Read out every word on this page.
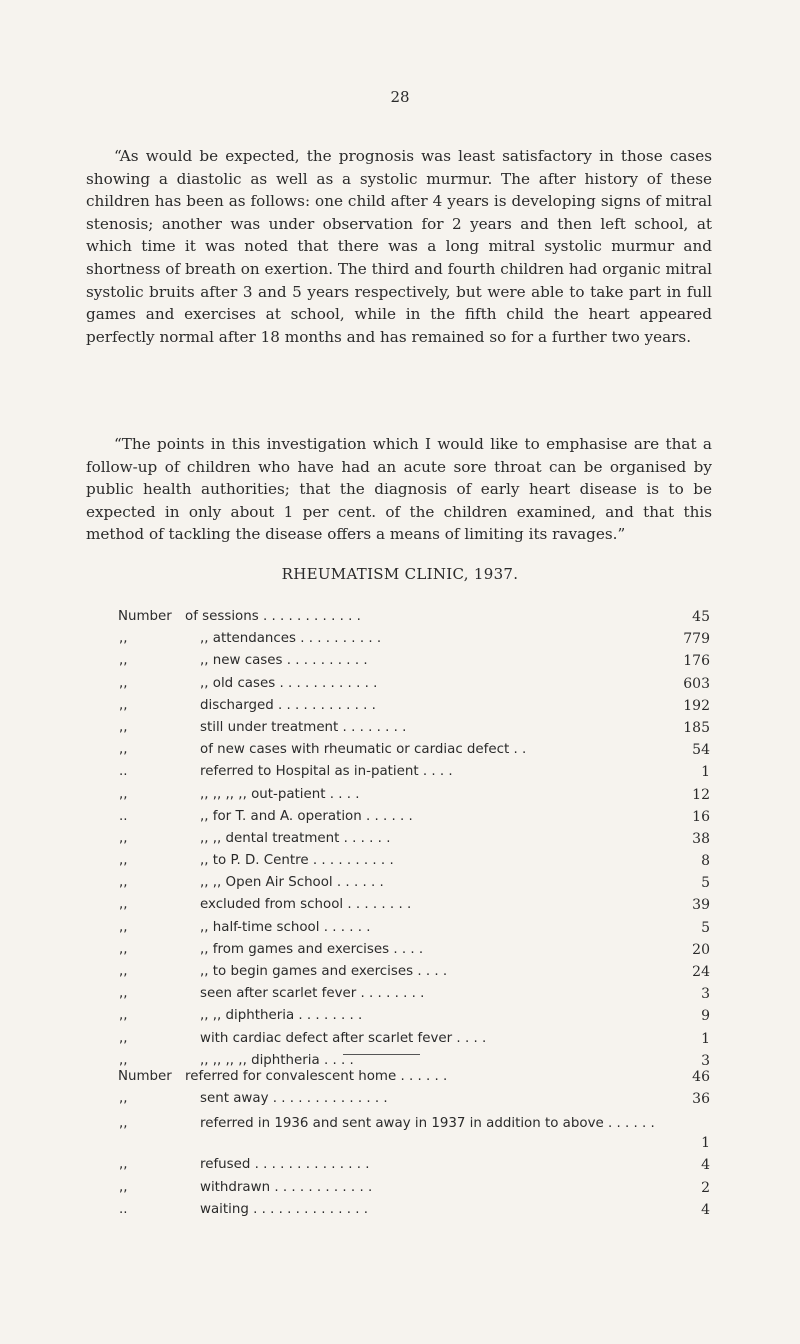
28

“As would be expected, the prognosis was least satisfactory in those cases showing a diastolic as well as a systolic murmur. The after history of these children has been as follows: one child after 4 years is developing signs of mitral stenosis; another was under observation for 2 years and then left school, at which time it was noted that there was a long mitral systolic murmur and shortness of breath on exertion. The third and fourth children had organic mitral systolic bruits after 3 and 5 years respectively, but were able to take part in full games and exercises at school, while in the fifth child the heart appeared perfectly normal after 18 months and has remained so for a further two years.

“The points in this investigation which I would like to emphasise are that a follow-up of children who have had an acute sore throat can be organised by public health authorities; that the diagnosis of early heart disease is to be expected in only about 1 per cent. of the children examined, and that this method of tackling the disease offers a means of limiting its ravages.”

RHEUMATISM CLINIC, 1937.
Number of sessions . . . . . . . . . . . .	45
,,	,, attendances . . . . . . . . . .	779
,,	,, new cases . . . . . . . . . .	176
,,	,, old cases . . . . . . . . . . . .	603
,,	discharged . . . . . . . . . . . .	192
,,	still under treatment . . . . . . . .	185
,,	of new cases with rheumatic or cardiac defect . .	54
..	referred to Hospital as in-patient . . . .	1
,,	,, ,, ,, ,, out-patient . . . .	12
..	,, for T. and A. operation . . . . . .	16
,,	,, ,, dental treatment . . . . . .	38
,,	,, to P. D. Centre . . . . . . . . . .	8
,,	,, ,, Open Air School . . . . . .	5
,,	excluded from school . . . . . . . .	39
,,	,, half-time school . . . . . .	5
,,	,, from games and exercises . . . .	20
,,	,, to begin games and exercises . . . .	24
,,	seen after scarlet fever . . . . . . . .	3
,,	,, ,, diphtheria . . . . . . . .	9
,,	with cardiac defect after scarlet fever . . . .	1
,,	,, ,, ,, ,, diphtheria . . . .	3
Number referred for convalescent home . . . . . .	46
,,	sent away . . . . . . . . . . . . . .	36
,,	referred in 1936 and sent away in 1937 in addition to above . . . . . .
1
,,	refused . . . . . . . . . . . . . .	4
,,	withdrawn . . . . . . . . . . . .	2
..	waiting . . . . . . . . . . . . . .	4
